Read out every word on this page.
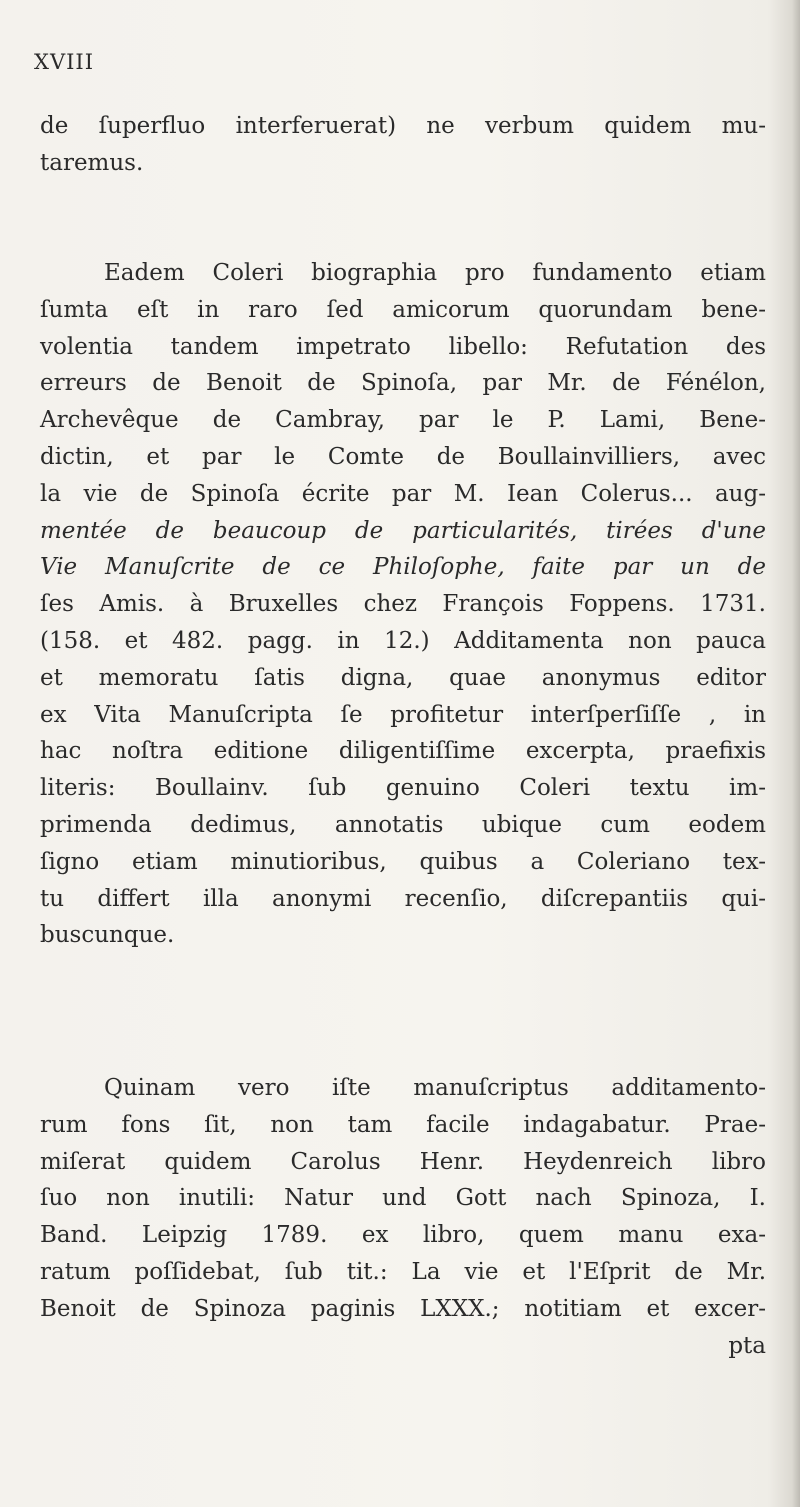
XVIII
de ſuperfluo interferuerat) ne verbum quidem mu-
taremus.
Eadem Coleri biographia pro fundamento etiam
ſumta eſt in raro ſed amicorum quorundam bene-
volentia tandem impetrato libello: Refutation des
erreurs de Benoit de Spinoſa, par Mr. de Fénélon,
Archevêque de Cambray, par le P. Lami, Bene-
dictin, et par le Comte de Boullainvilliers, avec
la vie de Spinoſa écrite par M. Iean Colerus... aug-
mentée de beaucoup de particularités, tirées d'une
Vie Manuſcrite de ce Philoſophe, faite par un de
ſes Amis. à Bruxelles chez François Foppens. 1731.
(158. et 482. pagg. in 12.) Additamenta non pauca
et memoratu ſatis digna, quae anonymus editor
ex Vita Manuſcripta ſe profitetur interſperſiſſe , in
hac noſtra editione diligentiſſime excerpta, praefixis
literis: Boullainv. ſub genuino Coleri textu im-
primenda dedimus, annotatis ubique cum eodem
ſigno etiam minutioribus, quibus a Coleriano tex-
tu differt illa anonymi recenſio, diſcrepantiis qui-
buscunque.
Quinam vero iſte manuſcriptus additamento-
rum fons ſit, non tam facile indagabatur. Prae-
miſerat quidem Carolus Henr. Heydenreich libro
ſuo non inutili: Natur und Gott nach Spinoza, I.
Band. Leipzig 1789. ex libro, quem manu exa-
ratum poſſidebat, ſub tit.: La vie et l'Eſprit de Mr.
Benoit de Spinoza paginis LXXX.; notitiam et excer-
pta
